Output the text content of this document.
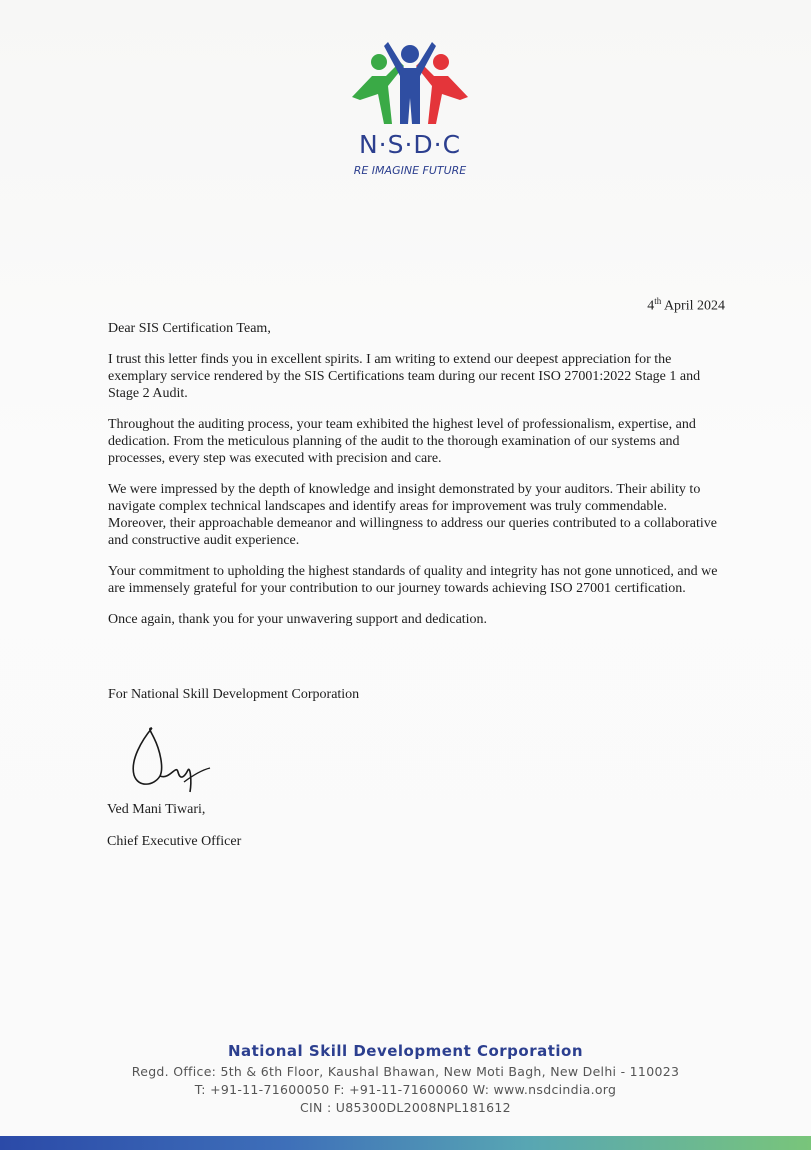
N·S·D·C
RE IMAGINE FUTURE
4th April 2024

Dear SIS Certification Team,

I trust this letter finds you in excellent spirits. I am writing to extend our deepest appreciation for the exemplary service rendered by the SIS Certifications team during our recent ISO 27001:2022 Stage 1 and Stage 2 Audit.

Throughout the auditing process, your team exhibited the highest level of professionalism, expertise, and dedication. From the meticulous planning of the audit to the thorough examination of our systems and processes, every step was executed with precision and care.

We were impressed by the depth of knowledge and insight demonstrated by your auditors. Their ability to navigate complex technical landscapes and identify areas for improvement was truly commendable. Moreover, their approachable demeanor and willingness to address our queries contributed to a collaborative and constructive audit experience.

Your commitment to upholding the highest standards of quality and integrity has not gone unnoticed, and we are immensely grateful for your contribution to our journey towards achieving ISO 27001 certification.

Once again, thank you for your unwavering support and dedication.

For National Skill Development Corporation
Ved Mani Tiwari,
Chief Executive Officer
National Skill Development Corporation
Regd. Office: 5th & 6th Floor, Kaushal Bhawan, New Moti Bagh, New Delhi - 110023
T: +91-11-71600050 F: +91-11-71600060 W: www.nsdcindia.org
CIN : U85300DL2008NPL181612
